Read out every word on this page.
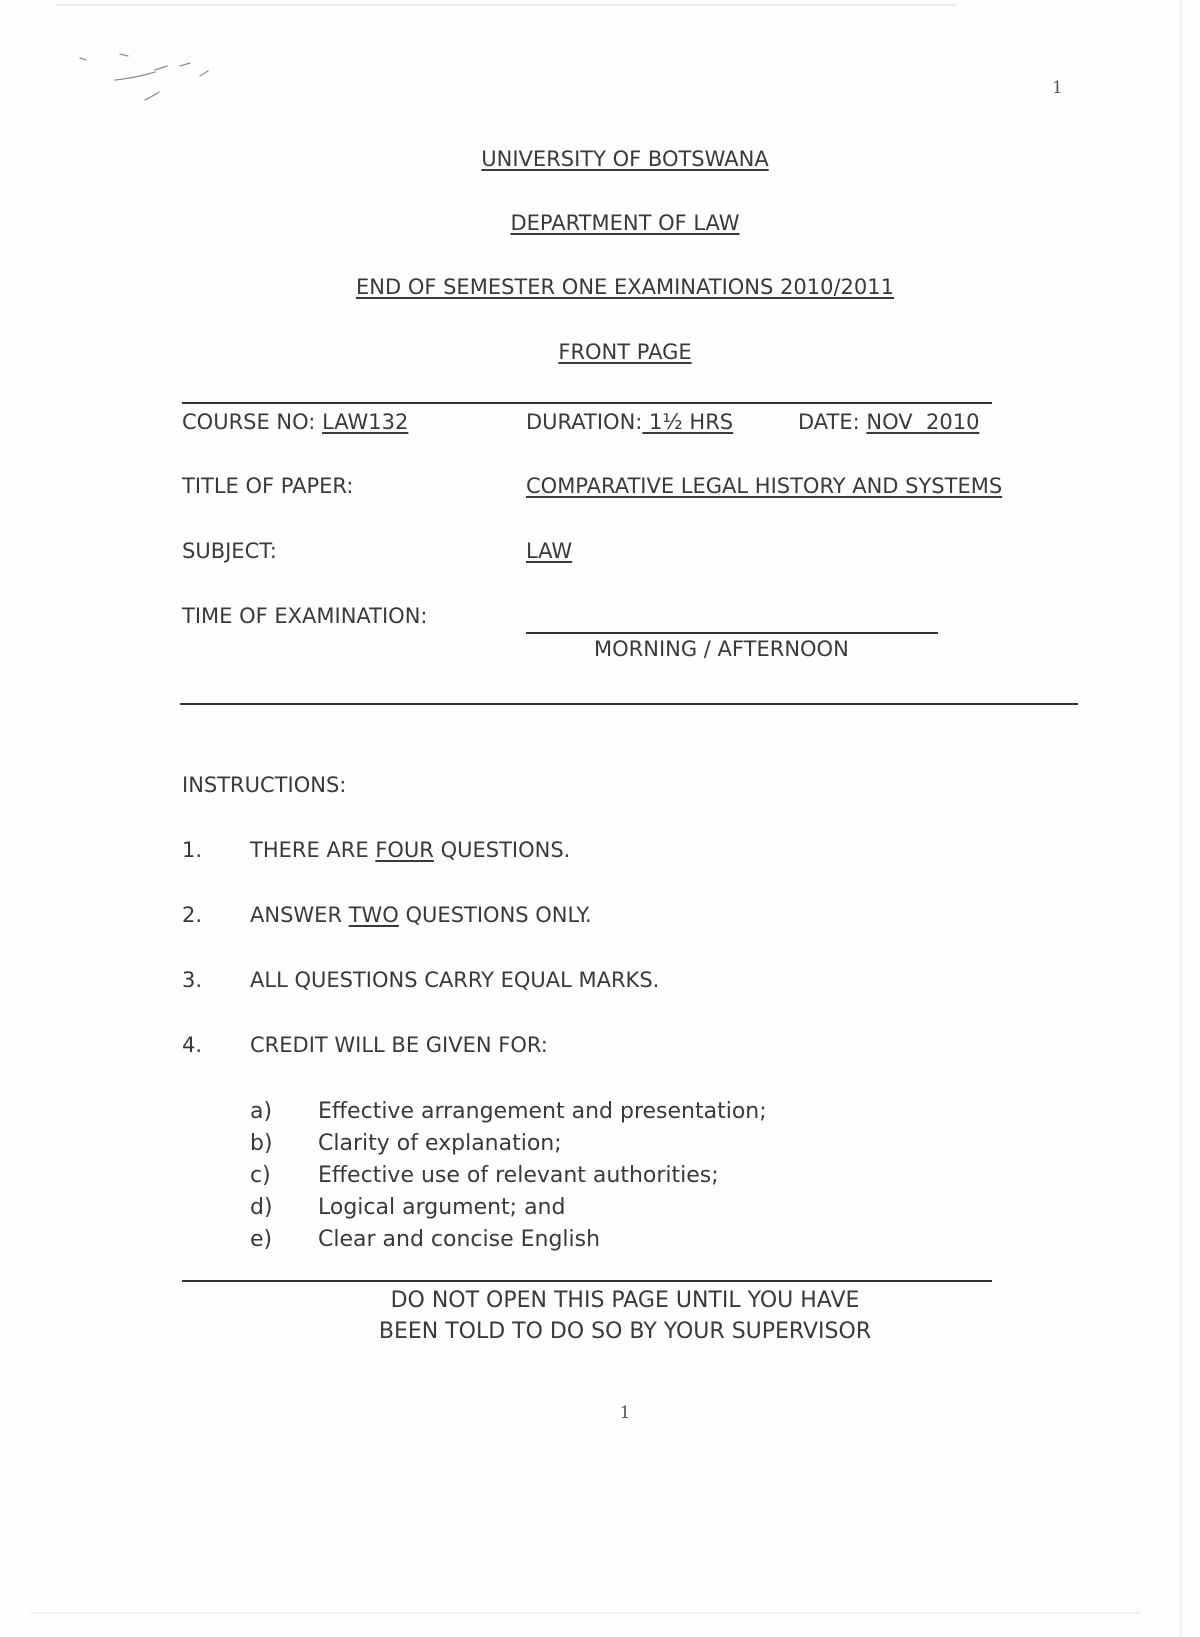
1
UNIVERSITY OF BOTSWANA
DEPARTMENT OF LAW
END OF SEMESTER ONE EXAMINATIONS 2010/2011
FRONT PAGE
COURSE NO: LAW132	DURATION: 1½ HRS	DATE: NOV  2010
TITLE OF PAPER:	COMPARATIVE LEGAL HISTORY AND SYSTEMS
SUBJECT:	LAW
TIME OF EXAMINATION:
MORNING / AFTERNOON
INSTRUCTIONS:
1. THERE ARE FOUR QUESTIONS.
2. ANSWER TWO QUESTIONS ONLY.
3. ALL QUESTIONS CARRY EQUAL MARKS.
4. CREDIT WILL BE GIVEN FOR:
a) Effective arrangement and presentation;
b) Clarity of explanation;
c) Effective use of relevant authorities;
d) Logical argument; and
e) Clear and concise English
DO NOT OPEN THIS PAGE UNTIL YOU HAVE
BEEN TOLD TO DO SO BY YOUR SUPERVISOR
1
